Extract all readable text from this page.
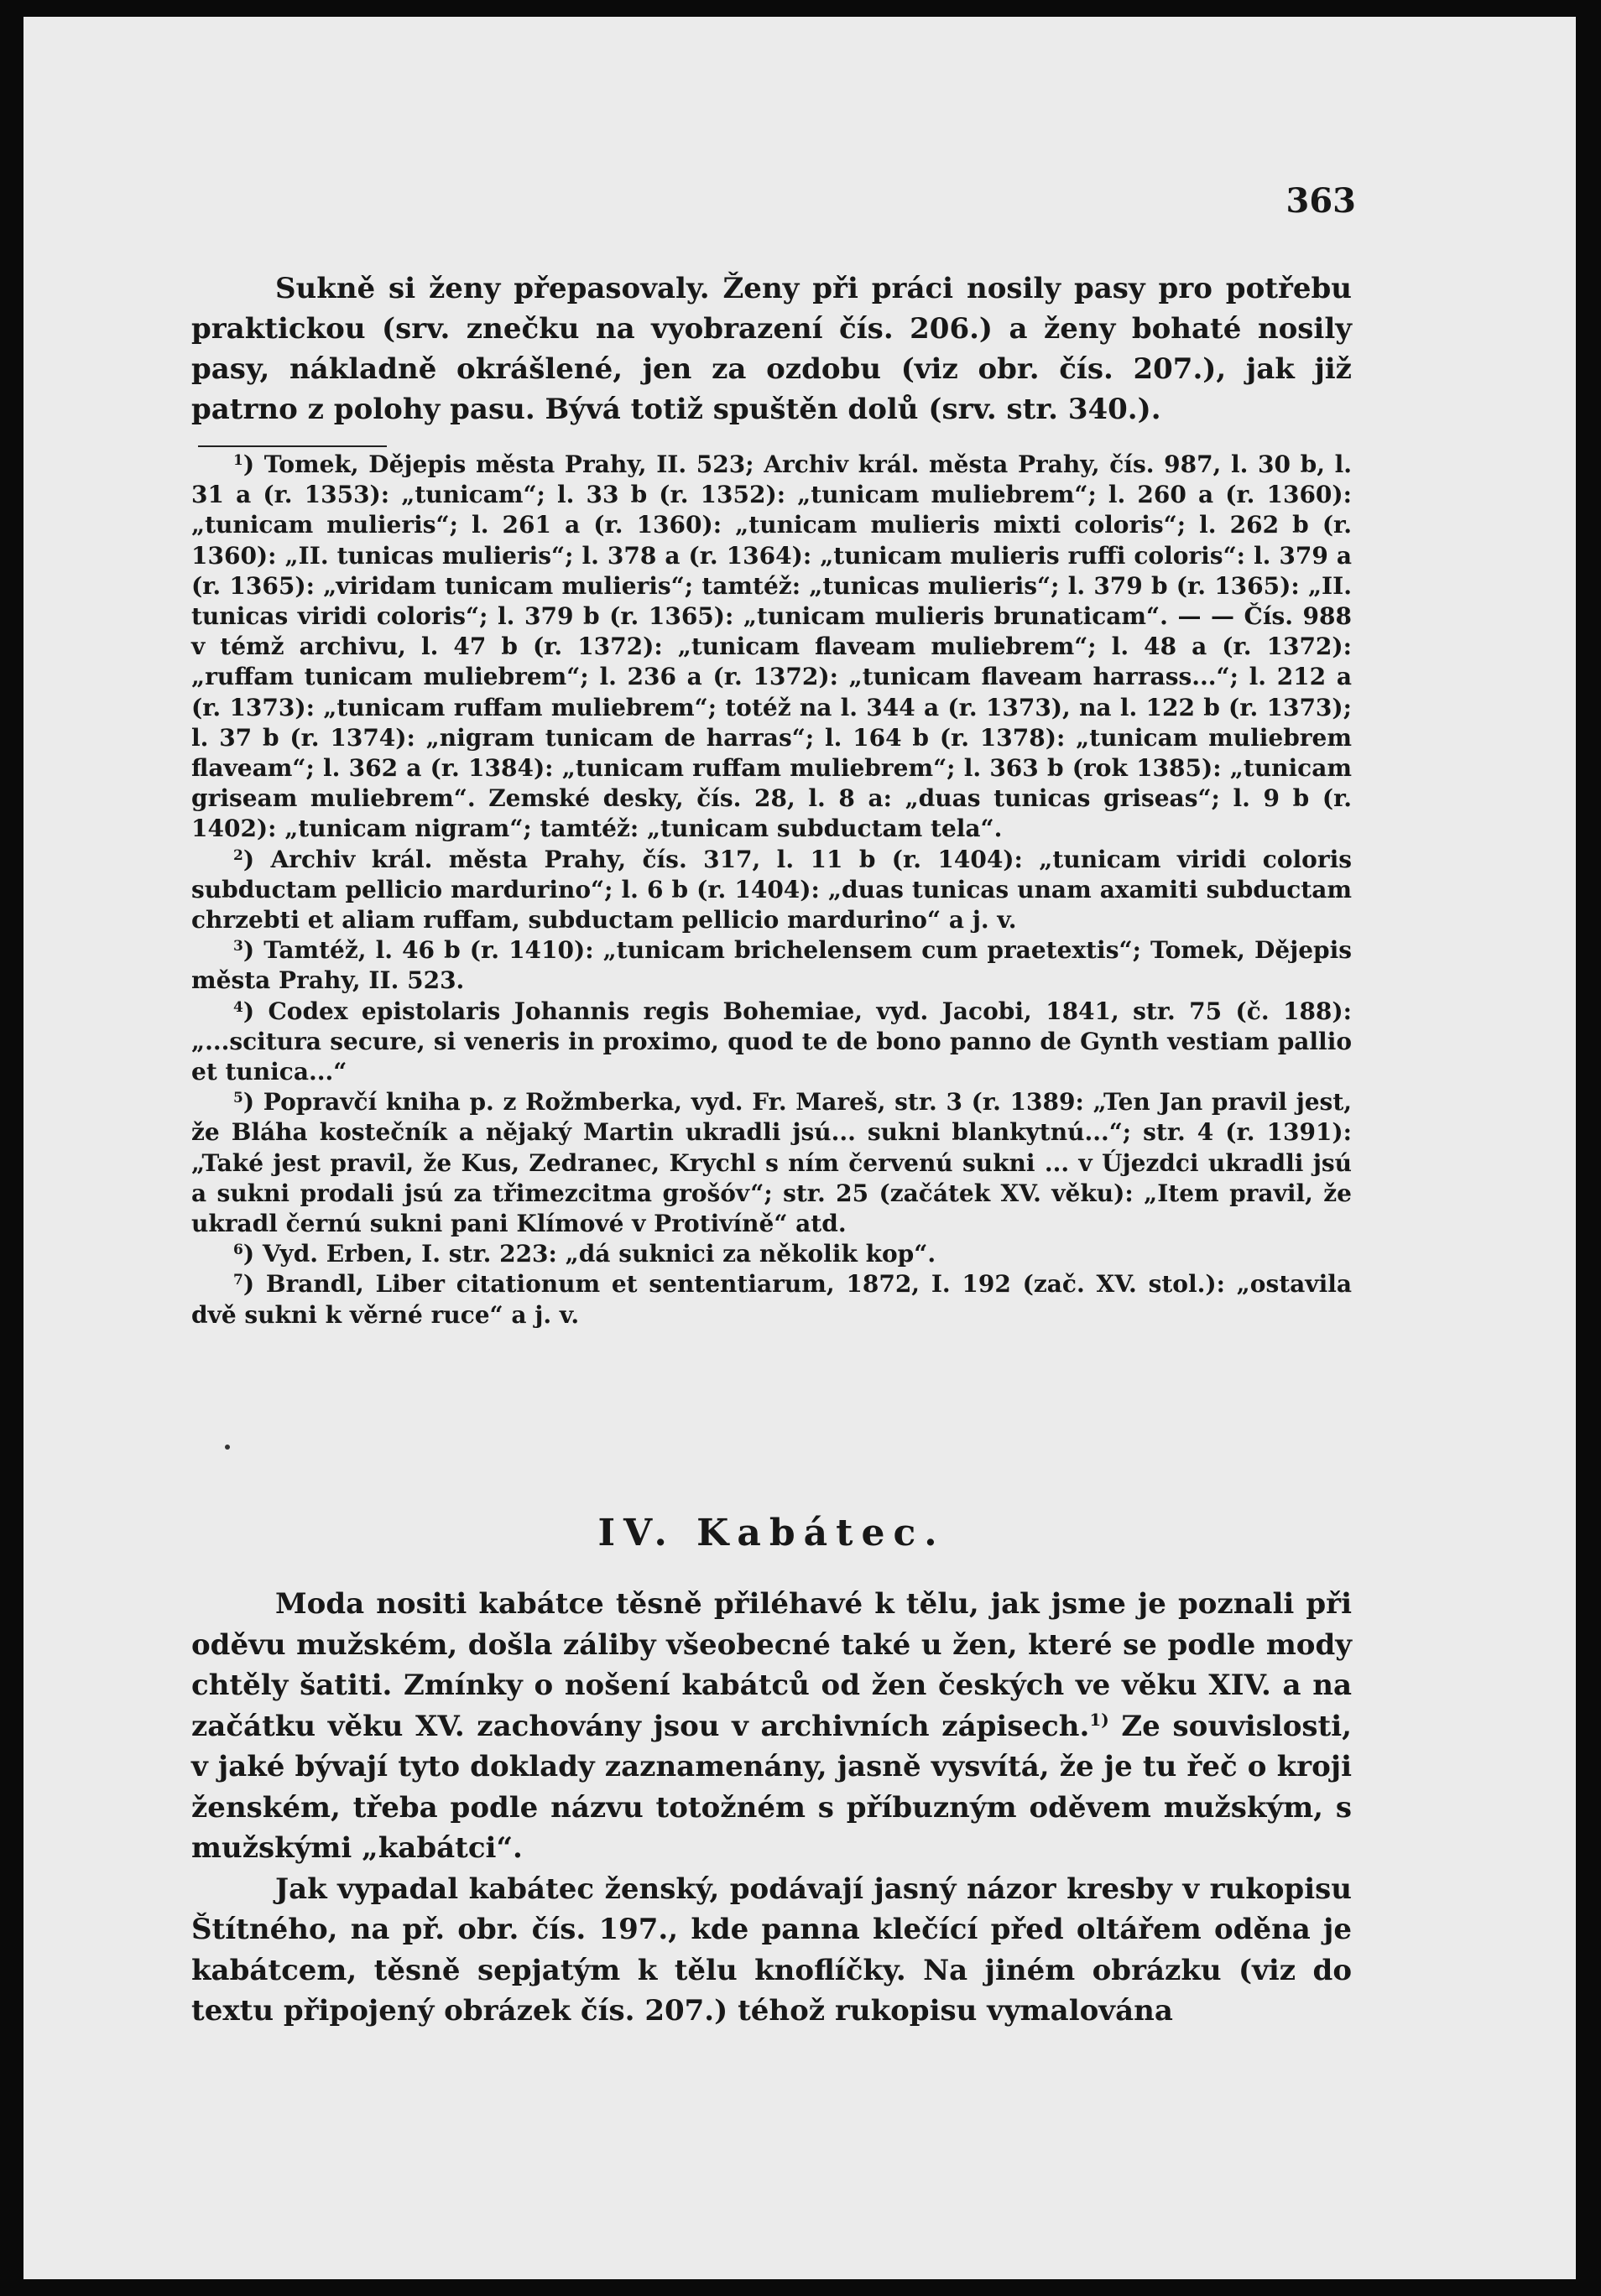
363

Sukně si ženy přepasovaly. Ženy při práci nosily pasy pro potřebu praktickou (srv. znečku na vyobrazení čís. 206.) a ženy bohaté nosily pasy, nákladně okrášlené, jen za ozdobu (viz obr. čís. 207.), jak již patrno z polohy pasu. Bývá totiž spuštěn dolů (srv. str. 340.).

$^1$) Tomek, Dějepis města Prahy, II. 523; Archiv král. města Prahy, čís. 987, l. 30 b, l. 31 a (r. 1353): „tunicam“; l. 33 b (r. 1352): „tunicam muliebrem“; l. 260 a (r. 1360): „tunicam mulieris“; l. 261 a (r. 1360): „tunicam mulieris mixti coloris“; l. 262 b (r. 1360): „II. tunicas mulieris“; l. 378 a (r. 1364): „tunicam mulieris ruffi coloris“: l. 379 a (r. 1365): „viridam tunicam mulieris“; tamtéž: „tunicas mulieris“; l. 379 b (r. 1365): „II. tunicas viridi coloris“; l. 379 b (r. 1365): „tunicam mulieris brunaticam“. — — Čís. 988 v témž archivu, l. 47 b (r. 1372): „tunicam flaveam muliebrem“; l. 48 a (r. 1372): „ruffam tunicam muliebrem“; l. 236 a (r. 1372): „tunicam flaveam harrass...“; l. 212 a (r. 1373): „tunicam ruffam muliebrem“; totéž na l. 344 a (r. 1373), na l. 122 b (r. 1373); l. 37 b (r. 1374): „nigram tunicam de harras“; l. 164 b (r. 1378): „tunicam muliebrem flaveam“; l. 362 a (r. 1384): „tunicam ruffam muliebrem“; l. 363 b (rok 1385): „tunicam griseam muliebrem“. Zemské desky, čís. 28, l. 8 a: „duas tunicas griseas“; l. 9 b (r. 1402): „tunicam nigram“; tamtéž: „tunicam subductam tela“.

$^2$) Archiv král. města Prahy, čís. 317, l. 11 b (r. 1404): „tunicam viridi coloris subductam pellicio mardurino“; l. 6 b (r. 1404): „duas tunicas unam axamiti subductam chrzebti et aliam ruffam, subductam pellicio mardurino“ a j. v.

$^3$) Tamtéž, l. 46 b (r. 1410): „tunicam brichelensem cum praetextis“; Tomek, Dějepis města Prahy, II. 523.

$^4$) Codex epistolaris Johannis regis Bohemiae, vyd. Jacobi, 1841, str. 75 (č. 188): „...scitura secure, si veneris in proximo, quod te de bono panno de Gynth vestiam pallio et tunica...“

$^5$) Popravčí kniha p. z Rožmberka, vyd. Fr. Mareš, str. 3 (r. 1389: „Ten Jan pravil jest, že Bláha kostečník a nějaký Martin ukradli jsú... sukni blankytnú...“; str. 4 (r. 1391): „Také jest pravil, že Kus, Zedranec, Krychl s ním červenú sukni ... v Újezdci ukradli jsú a sukni prodali jsú za třimezcitma grošóv“; str. 25 (začátek XV. věku): „Item pravil, že ukradl černú sukni pani Klímové v Protivíně“ atd.

$^6$) Vyd. Erben, I. str. 223: „dá suknici za několik kop“.

$^7$) Brandl, Liber citationum et sententiarum, 1872, I. 192 (zač. XV. stol.): „ostavila dvě sukni k věrné ruce“ a j. v.

IV. Kabátec.

Moda nositi kabátce těsně přiléhavé k tělu, jak jsme je poznali při oděvu mužském, došla záliby všeobecné také u žen, které se podle mody chtěly šatiti. Zmínky o nošení kabátců od žen českých ve věku XIV. a na začátku věku XV. zachovány jsou v archivních zápisech.$^{1)}$ Ze souvislosti, v jaké bývají tyto doklady zaznamenány, jasně vysvítá, že je tu řeč o kroji ženském, třeba podle názvu totožném s příbuzným oděvem mužským, s mužskými „kabátci“.

Jak vypadal kabátec ženský, podávají jasný názor kresby v rukopisu Štítného, na př. obr. čís. 197., kde panna klečící před oltářem oděna je kabátcem, těsně sepjatým k tělu knoflíčky. Na jiném obrázku (viz do textu připojený obrázek čís. 207.) téhož rukopisu vymalována
